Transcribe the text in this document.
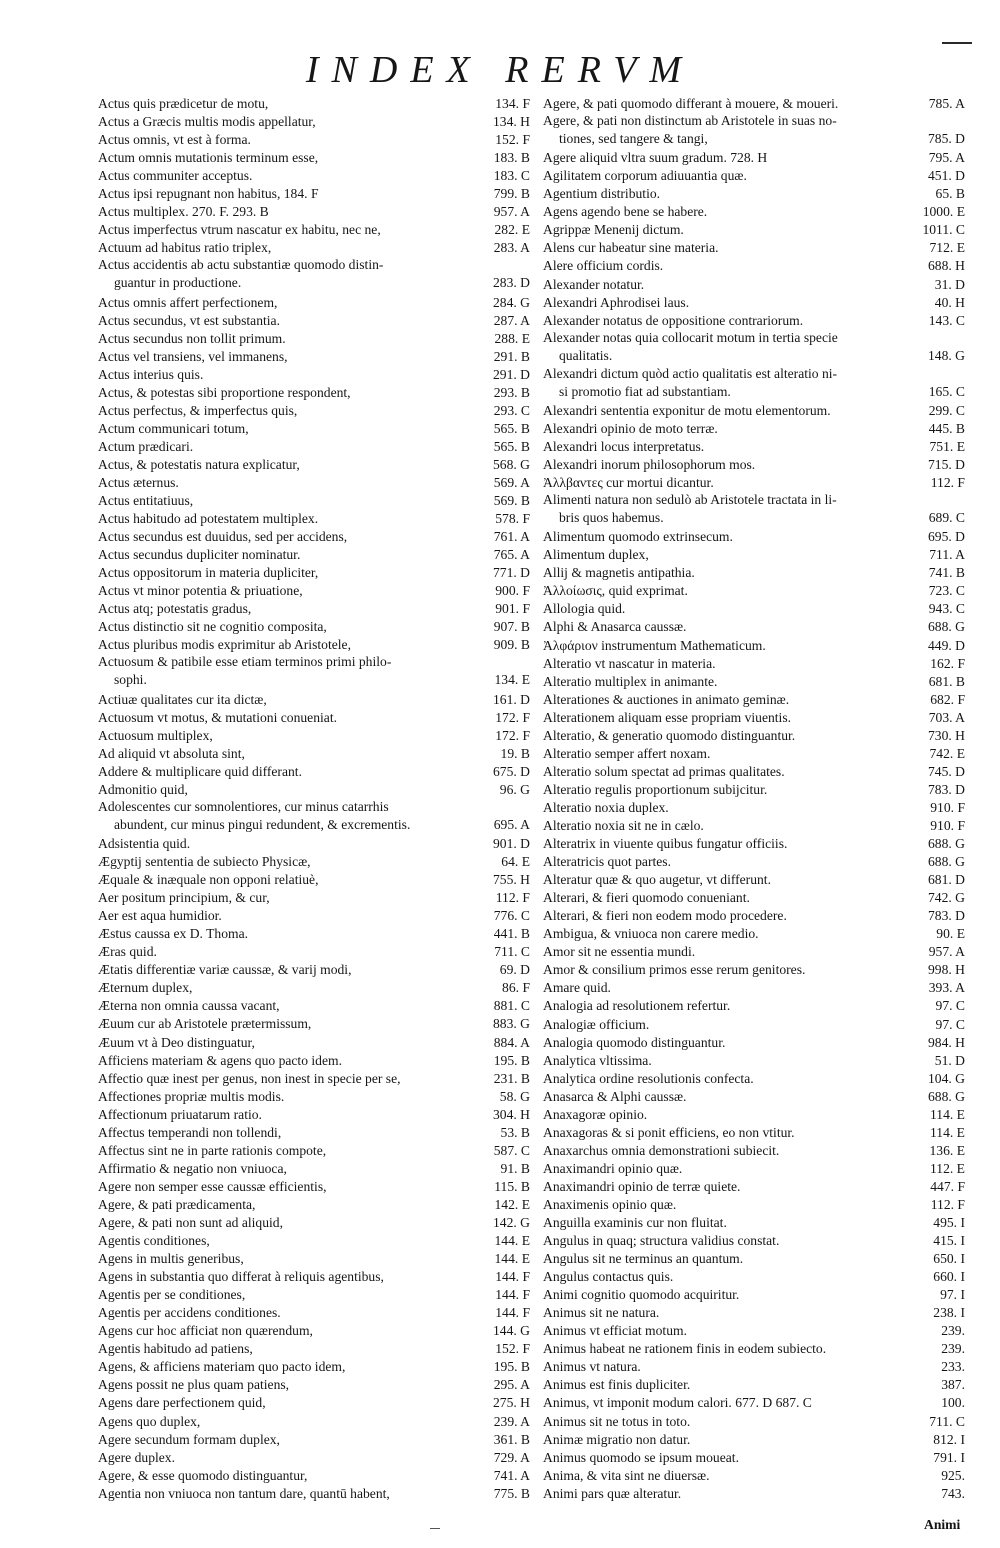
INDEX RERVM
Actus quis prædicetur de motu,	134. F
Actus a Græcis multis modis appellatur,	134. H
Actus omnis, vt est à forma.	152. F
Actum omnis mutationis terminum esse,	183. B
Actus communiter acceptus.	183. C
Actus ipsi repugnant non habitus, 184. F	799. B
Actus multiplex. 270. F. 293. B	957. A
Actus imperfectus vtrum nascatur ex habitu, nec ne,	282. E
Actuum ad habitus ratio triplex,	283. A
Actus accidentis ab actu substantiæ quomodo distin-
guantur in productione.	283. D
Actus omnis affert perfectionem,	284. G
Actus secundus, vt est substantia.	287. A
Actus secundus non tollit primum.	288. E
Actus vel transiens, vel immanens,	291. B
Actus interius quis.	291. D
Actus, & potestas sibi proportione respondent,	293. B
Actus perfectus, & imperfectus quis,	293. C
Actum communicari totum,	565. B
Actum prædicari.	565. B
Actus, & potestatis natura explicatur,	568. G
Actus æternus.	569. A
Actus entitatiuus,	569. B
Actus habitudo ad potestatem multiplex.	578. F
Actus secundus est duuidus, sed per accidens,	761. A
Actus secundus dupliciter nominatur.	765. A
Actus oppositorum in materia dupliciter,	771. D
Actus vt minor potentia & priuatione,	900. F
Actus atq; potestatis gradus,	901. F
Actus distinctio sit ne cognitio composita,	907. B
Actus pluribus modis exprimitur ab Aristotele,	909. B
Actuosum & patibile esse etiam terminos primi philo-
sophi.	134. E
Actiuæ qualitates cur ita dictæ,	161. D
Actuosum vt motus, & mutationi conueniat.	172. F
Actuosum multiplex,	172. F
Ad aliquid vt absoluta sint,	19. B
Addere & multiplicare quid differant.	675. D
Admonitio quid,	96. G
Adolescentes cur somnolentiores, cur minus catarrhis
abundent, cur minus pingui redundent, & excrementis.	695. A
Adsistentia quid.	901. D
Ægyptij sententia de subiecto Physicæ,	64. E
Æquale & inæquale non opponi relatiuè,	755. H
Aer positum principium, & cur,	112. F
Aer est aqua humidior.	776. C
Æstus caussa ex D. Thoma.	441. B
Æras quid.	711. C
Ætatis differentiæ variæ caussæ, & varij modi,	69. D
Æternum duplex,	86. F
Æterna non omnia caussa vacant,	881. C
Æuum cur ab Aristotele prætermissum,	883. G
Æuum vt à Deo distinguatur,	884. A
Afficiens materiam & agens quo pacto idem.	195. B
Affectio quæ inest per genus, non inest in specie per se,	231. B
Affectiones propriæ multis modis.	58. G
Affectionum priuatarum ratio.	304. H
Affectus temperandi non tollendi,	53. B
Affectus sint ne in parte rationis compote,	587. C
Affirmatio & negatio non vniuoca,	91. B
Agere non semper esse caussæ efficientis,	115. B
Agere, & pati prædicamenta,	142. E
Agere, & pati non sunt ad aliquid,	142. G
Agentis conditiones,	144. E
Agens in multis generibus,	144. E
Agens in substantia quo differat à reliquis agentibus,	144. F
Agentis per se conditiones,	144. F
Agentis per accidens conditiones.	144. F
Agens cur hoc afficiat non quærendum,	144. G
Agentis habitudo ad patiens,	152. F
Agens, & afficiens materiam quo pacto idem,	195. B
Agens possit ne plus quam patiens,	295. A
Agens dare perfectionem quid,	275. H
Agens quo duplex,	239. A
Agere secundum formam duplex,	361. B
Agere duplex.	729. A
Agere, & esse quomodo distinguantur,	741. A
Agentia non vniuoca non tantum dare, quantū habent,	775. B
Agere, & pati quomodo differant à mouere, & moueri.	785. A
Agere, & pati non distinctum ab Aristotele in suas no-
tiones, sed tangere & tangi,	785. D
Agere aliquid vltra suum gradum. 728. H	795. A
Agilitatem corporum adiuuantia quæ.	451. D
Agentium distributio.	65. B
Agens agendo bene se habere.	1000. E
Agrippæ Menenij dictum.	1011. C
Alens cur habeatur sine materia.	712. E
Alere officium cordis.	688. H
Alexander notatur.	31. D
Alexandri Aphrodisei laus.	40. H
Alexander notatus de oppositione contrariorum.	143. C
Alexander notas quia collocarit motum in tertia specie
qualitatis.	148. G
Alexandri dictum quòd actio qualitatis est alteratio ni-
si promotio fiat ad substantiam.	165. C
Alexandri sententia exponitur de motu elementorum.	299. C
Alexandri opinio de moto terræ.	445. B
Alexandri locus interpretatus.	751. E
Alexandri inorum philosophorum mos.	715. D
Ἀλλβαντες cur mortui dicantur.	112. F
Alimenti natura non sedulò ab Aristotele tractata in li-
bris quos habemus.	689. C
Alimentum quomodo extrinsecum.	695. D
Alimentum duplex,	711. A
Allij & magnetis antipathia.	741. B
Ἀλλοίωσις, quid exprimat.	723. C
Allologia quid.	943. C
Alphi & Anasarca caussæ.	688. G
Ἀλφάριον instrumentum Mathematicum.	449. D
Alteratio vt nascatur in materia.	162. F
Alteratio multiplex in animante.	681. B
Alterationes & auctiones in animato geminæ.	682. F
Alterationem aliquam esse propriam viuentis.	703. A
Alteratio, & generatio quomodo distinguantur.	730. H
Alteratio semper affert noxam.	742. E
Alteratio solum spectat ad primas qualitates.	745. D
Alteratio regulis proportionum subijcitur.	783. D
Alteratio noxia duplex.	910. F
Alteratio noxia sit ne in cælo.	910. F
Alteratrix in viuente quibus fungatur officiis.	688. G
Alteratricis quot partes.	688. G
Alteratur quæ & quo augetur, vt differunt.	681. D
Alterari, & fieri quomodo conueniant.	742. G
Alterari, & fieri non eodem modo procedere.	783. D
Ambigua, & vniuoca non carere medio.	90. E
Amor sit ne essentia mundi.	957. A
Amor & consilium primos esse rerum genitores.	998. H
Amare quid.	393. A
Analogia ad resolutionem refertur.	97. C
Analogiæ officium.	97. C
Analogia quomodo distinguantur.	984. H
Analytica vltissima.	51. D
Analytica ordine resolutionis confecta.	104. G
Anasarca & Alphi caussæ.	688. G
Anaxagoræ opinio.	114. E
Anaxagoras & si ponit efficiens, eo non vtitur.	114. E
Anaxarchus omnia demonstrationi subiecit.	136. E
Anaximandri opinio quæ.	112. E
Anaximandri opinio de terræ quiete.	447. F
Anaximenis opinio quæ.	112. F
Anguilla examinis cur non fluitat.	495. I
Angulus in quaq; structura validius constat.	415. I
Angulus sit ne terminus an quantum.	650. I
Angulus contactus quis.	660. I
Animi cognitio quomodo acquiritur.	97. I
Animus sit ne natura.	238. I
Animus vt efficiat motum.	239.
Animus habeat ne rationem finis in eodem subiecto.	239.
Animus vt natura.	233.
Animus est finis dupliciter.	387.
Animus, vt imponit modum calori. 677. D 687. C	100.
Animus sit ne totus in toto.	711. C
Animæ migratio non datur.	812. I
Animus quomodo se ipsum moueat.	791. I
Anima, & vita sint ne diuersæ.	925.
Animi pars quæ alteratur.	743.
Animi
